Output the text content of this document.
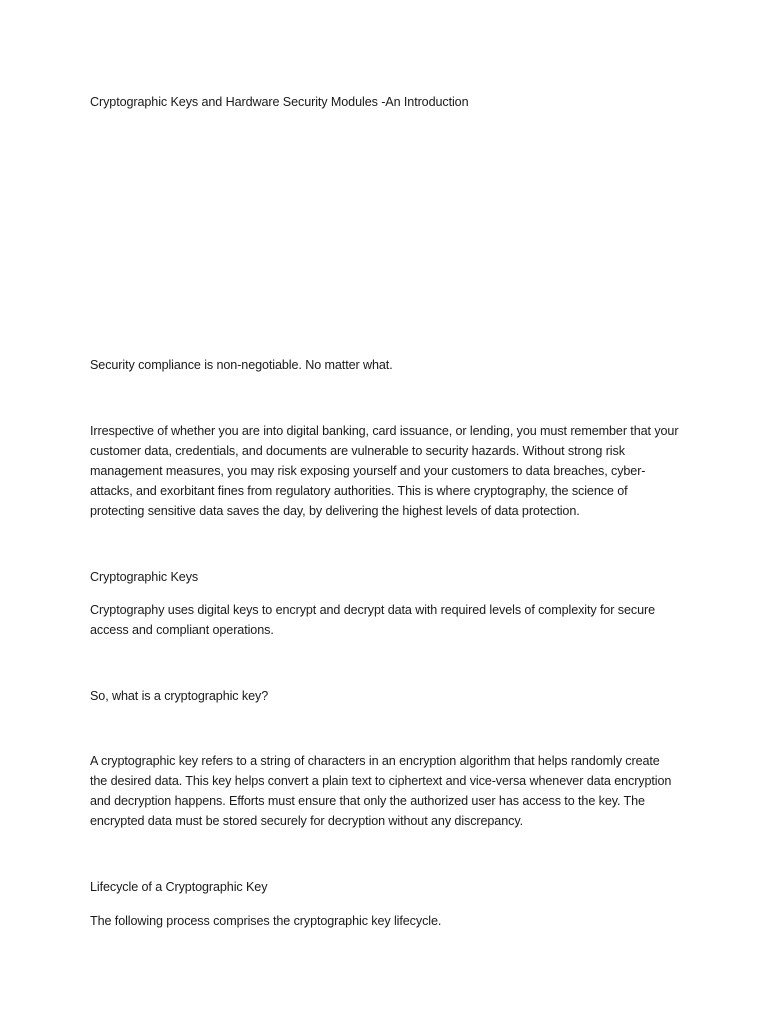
Cryptographic Keys and Hardware Security Modules -An Introduction

Security compliance is non-negotiable. No matter what.

Irrespective of whether you are into digital banking, card issuance, or lending, you must remember that your customer data, credentials, and documents are vulnerable to security hazards. Without strong risk management measures, you may risk exposing yourself and your customers to data breaches, cyber-attacks, and exorbitant fines from regulatory authorities. This is where cryptography, the science of protecting sensitive data saves the day, by delivering the highest levels of data protection.

Cryptographic Keys

Cryptography uses digital keys to encrypt and decrypt data with required levels of complexity for secure access and compliant operations.

So, what is a cryptographic key?

A cryptographic key refers to a string of characters in an encryption algorithm that helps randomly create the desired data. This key helps convert a plain text to ciphertext and vice-versa whenever data encryption and decryption happens. Efforts must ensure that only the authorized user has access to the key. The encrypted data must be stored securely for decryption without any discrepancy.

Lifecycle of a Cryptographic Key

The following process comprises the cryptographic key lifecycle.
